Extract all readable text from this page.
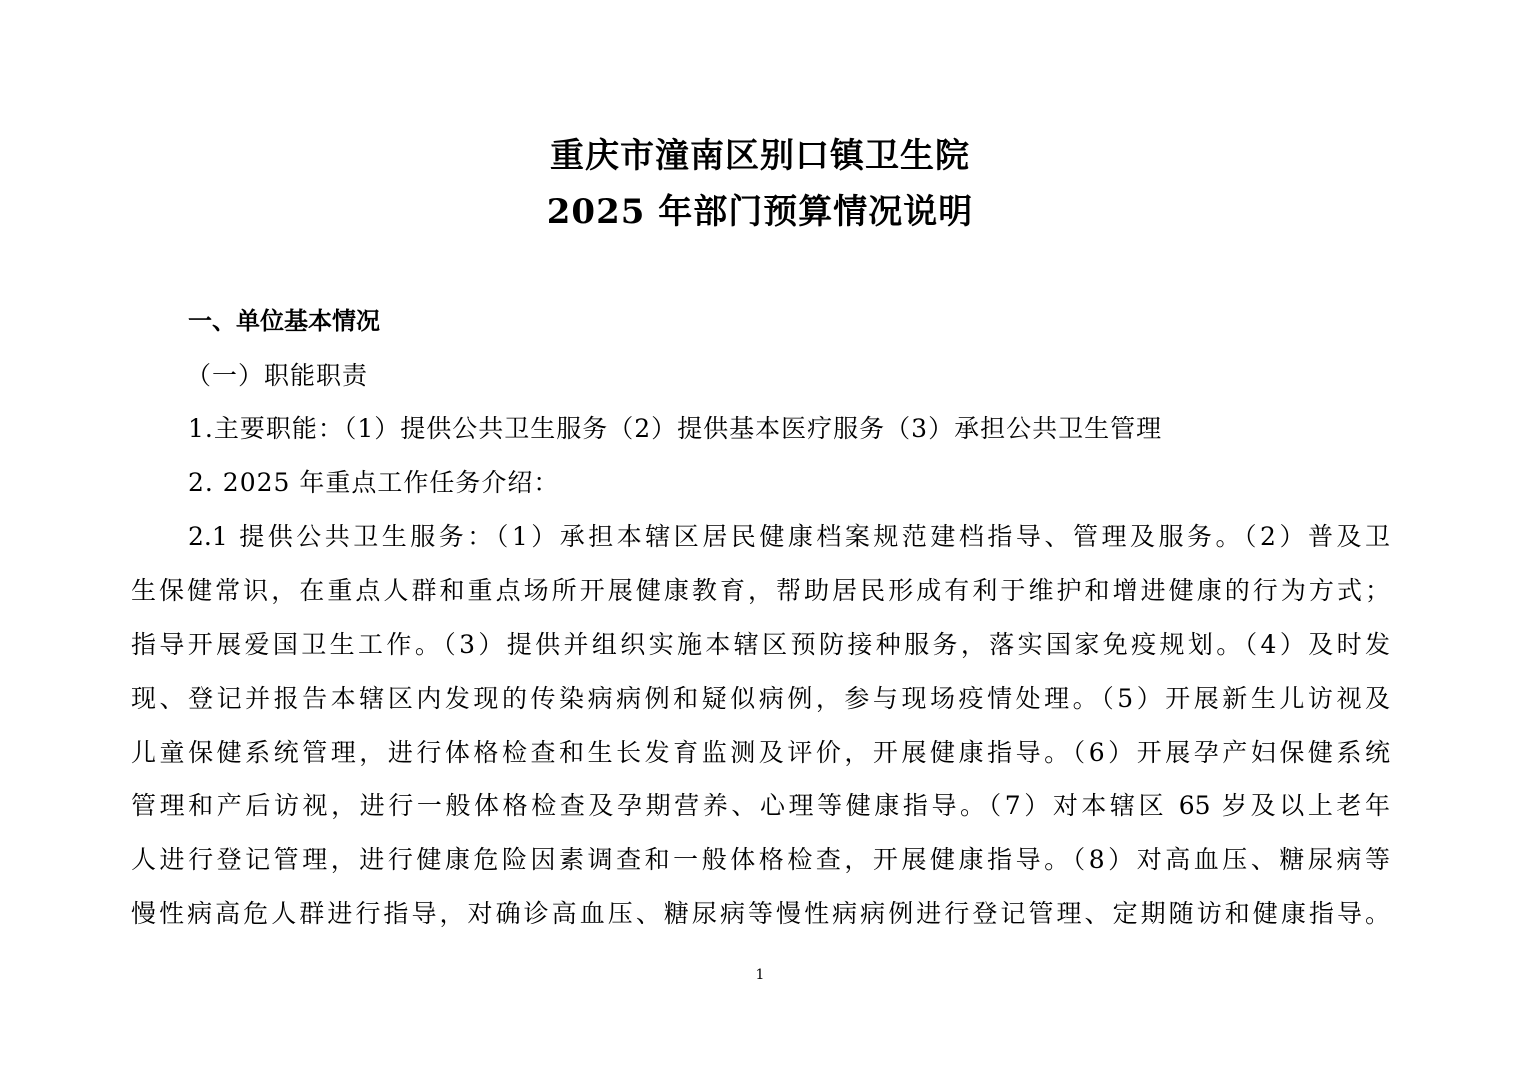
重庆市潼南区别口镇卫生院
2025 年部门预算情况说明
一、单位基本情况
（一）职能职责
1.主要职能：（1）提供公共卫生服务（2）提供基本医疗服务（3）承担公共卫生管理
2. 2025 年重点工作任务介绍：
2.1 提供公共卫生服务：（1）承担本辖区居民健康档案规范建档指导、管理及服务。（2）普及卫
生保健常识，在重点人群和重点场所开展健康教育，帮助居民形成有利于维护和增进健康的行为方式；
指导开展爱国卫生工作。（3）提供并组织实施本辖区预防接种服务，落实国家免疫规划。（4）及时发
现、登记并报告本辖区内发现的传染病病例和疑似病例，参与现场疫情处理。（5）开展新生儿访视及
儿童保健系统管理，进行体格检查和生长发育监测及评价，开展健康指导。（6）开展孕产妇保健系统
管理和产后访视，进行一般体格检查及孕期营养、心理等健康指导。（7）对本辖区 65 岁及以上老年
人进行登记管理，进行健康危险因素调查和一般体格检查，开展健康指导。（8）对高血压、糖尿病等
慢性病高危人群进行指导，对确诊高血压、糖尿病等慢性病病例进行登记管理、定期随访和健康指导。
1
